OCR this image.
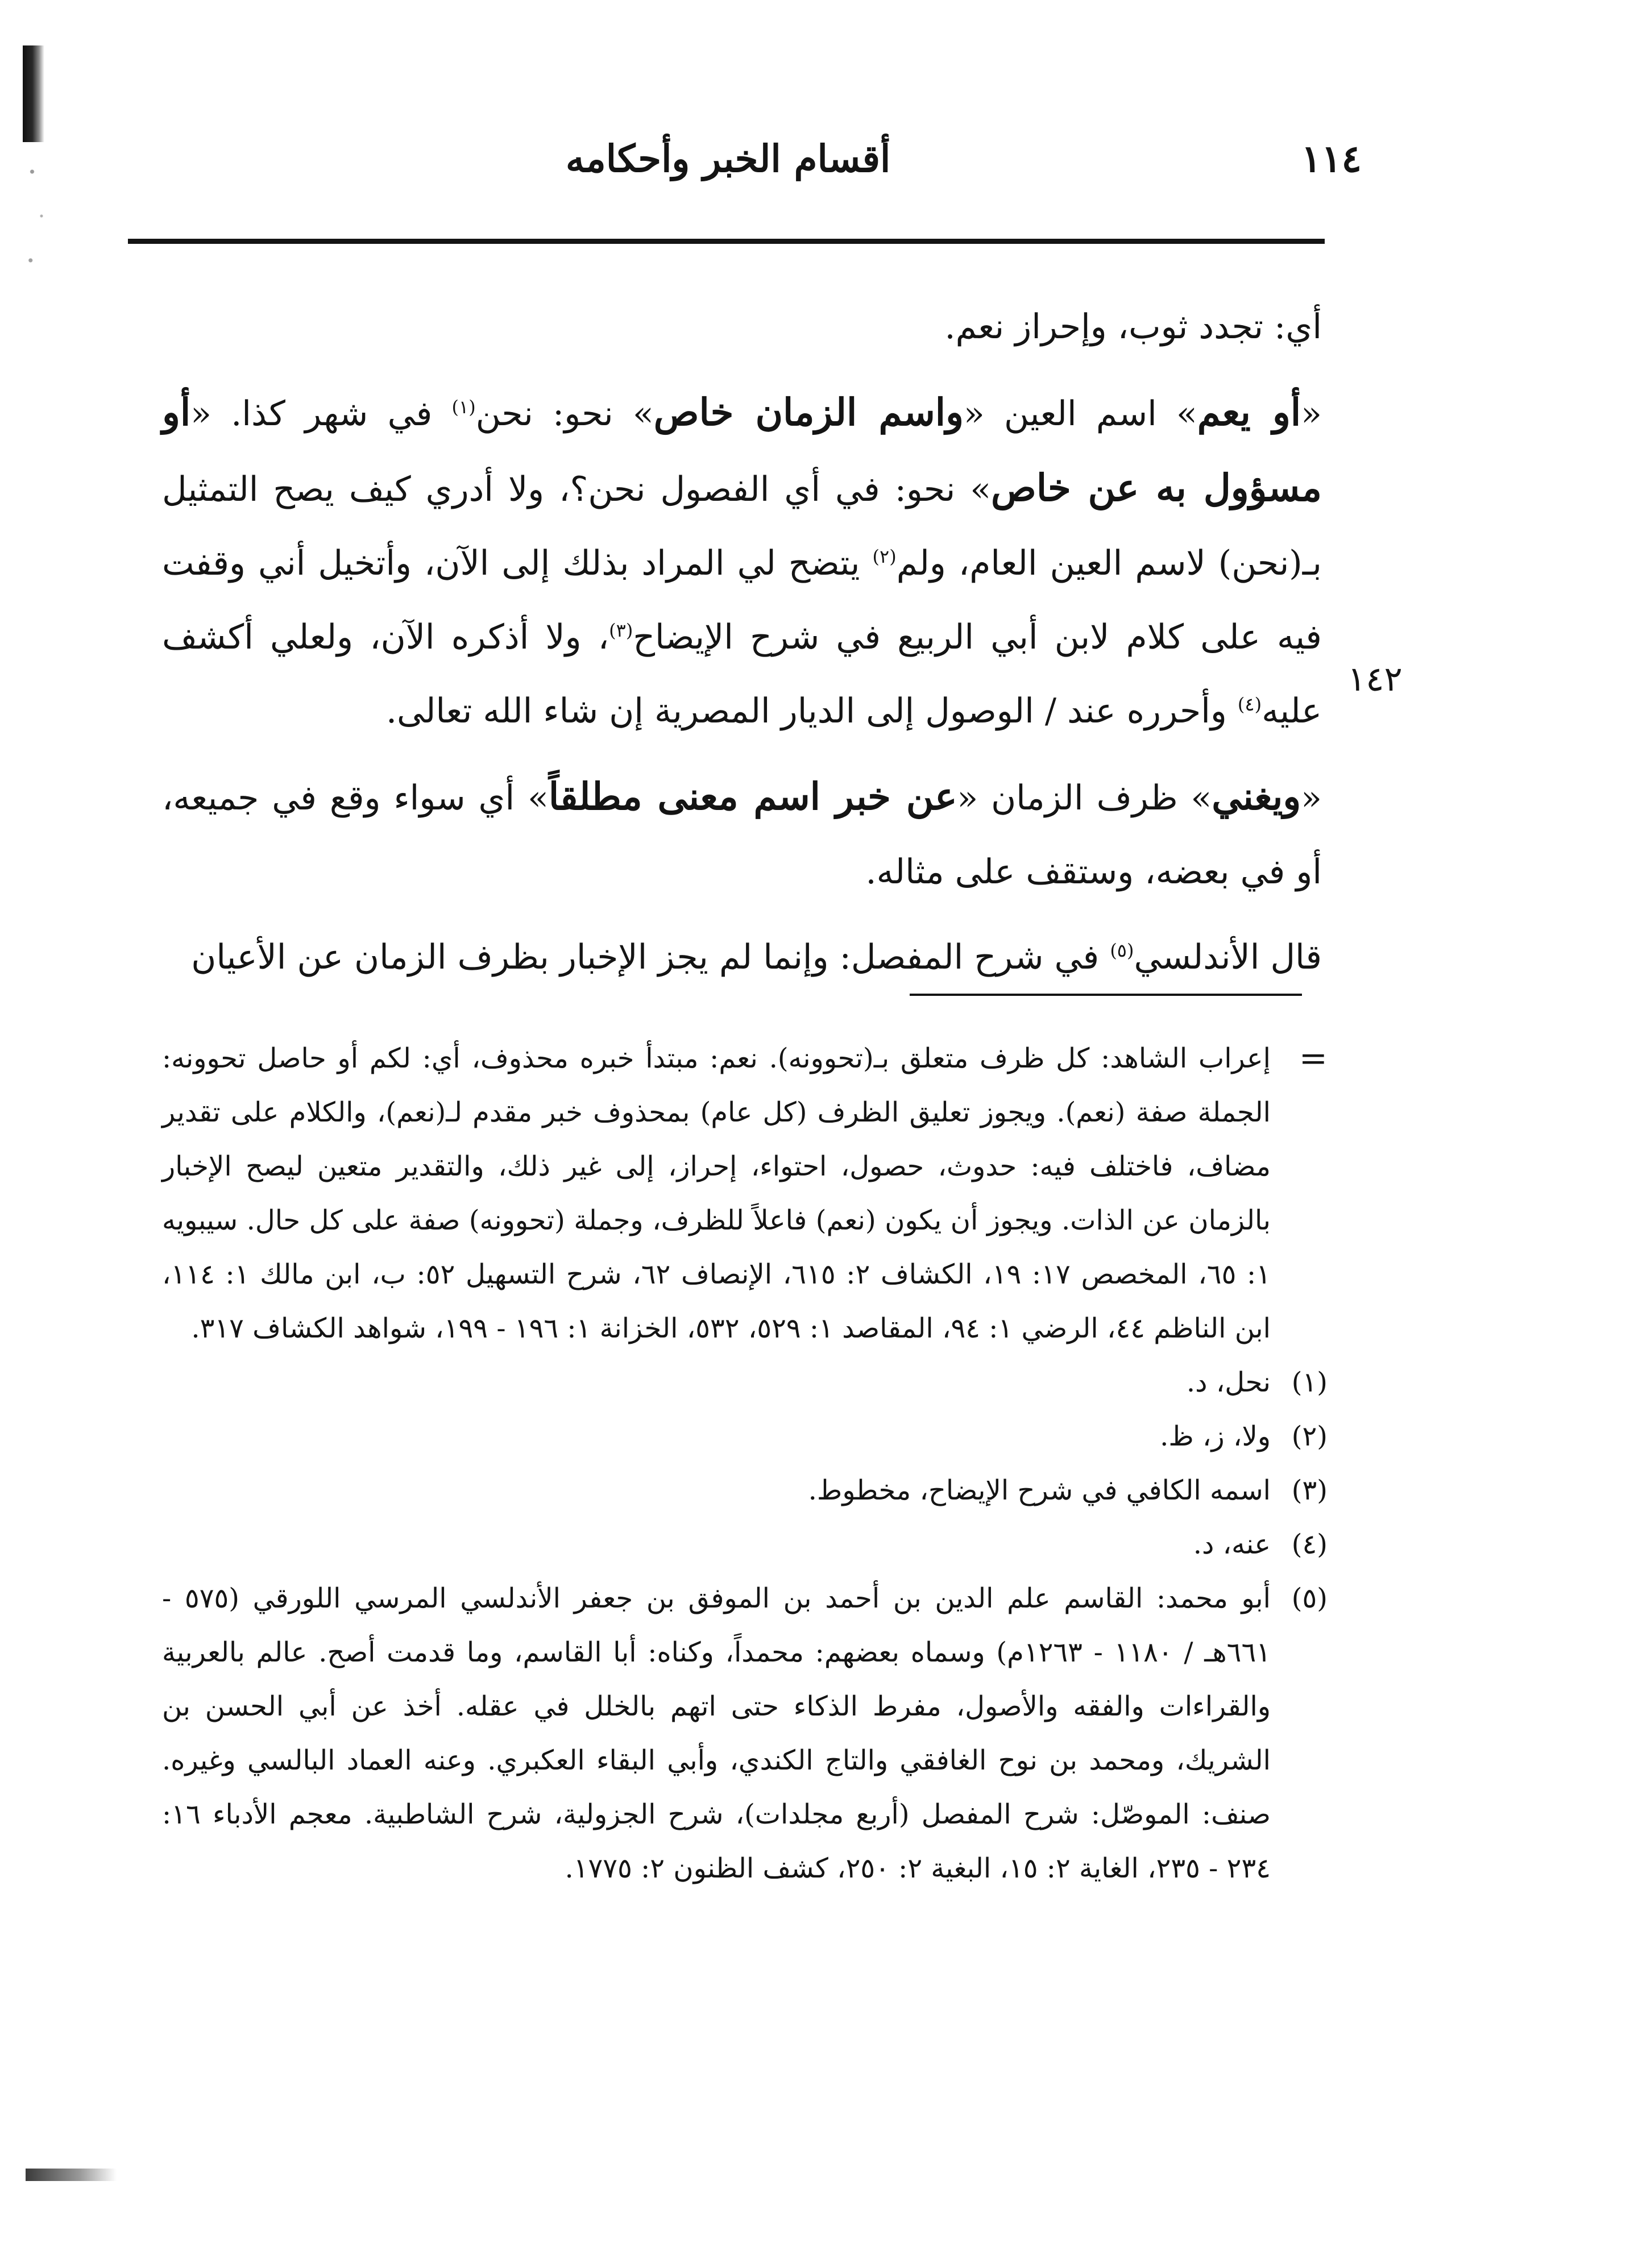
١١٤
أقسام الخبر وأحكامه

أي: تجدد ثوب، وإحراز نعم.

«أو يعم» اسم العين «واسم الزمان خاص» نحو: نحن$^{(١)}$ في شهر كذا. «أو مسؤول به عن خاص» نحو: في أي الفصول نحن؟، ولا أدري كيف يصح التمثيل بـ(نحن) لاسم العين العام، ولم$^{(٢)}$ يتضح لي المراد بذلك إلى الآن، وأتخيل أني وقفت فيه على كلام لابن أبي الربيع في شرح الإيضاح$^{(٣)}$، ولا أذكره الآن، ولعلي أكشف عليه$^{(٤)}$ وأحرره عند / الوصول إلى الديار المصرية إن شاء الله تعالى.

«ويغني» ظرف الزمان «عن خبر اسم معنى مطلقاً» أي سواء وقع في جميعه، أو في بعضه، وستقف على مثاله.

قال الأندلسي$^{(٥)}$ في شرح المفصل: وإنما لم يجز الإخبار بظرف الزمان عن الأعيان

١٤٢

=
إعراب الشاهد: كل ظرف متعلق بـ(تحوونه). نعم: مبتدأ خبره محذوف، أي: لكم أو حاصل تحوونه: الجملة صفة (نعم). ويجوز تعليق الظرف (كل عام) بمحذوف خبر مقدم لـ(نعم)، والكلام على تقدير مضاف، فاختلف فيه: حدوث، حصول، احتواء، إحراز، إلى غير ذلك، والتقدير متعين ليصح الإخبار بالزمان عن الذات. ويجوز أن يكون (نعم) فاعلاً للظرف، وجملة (تحوونه) صفة على كل حال. سيبويه ١: ٦٥، المخصص ١٧: ١٩، الكشاف ٢: ٦١٥، الإنصاف ٦٢، شرح التسهيل ٥٢: ب، ابن مالك ١: ١١٤، ابن الناظم ٤٤، الرضي ١: ٩٤، المقاصد ١: ٥٢٩، ٥٣٢، الخزانة ١: ١٩٦ - ١٩٩، شواهد الكشاف ٣١٧.

(١)
نحل، د.

(٢)
ولا، ز، ظ.

(٣)
اسمه الكافي في شرح الإيضاح، مخطوط.

(٤)
عنه، د.

(٥)
أبو محمد: القاسم علم الدين بن أحمد بن الموفق بن جعفر الأندلسي المرسي اللورقي (٥٧٥ - ٦٦١هـ / ١١٨٠ - ١٢٦٣م) وسماه بعضهم: محمداً، وكناه: أبا القاسم، وما قدمت أصح. عالم بالعربية والقراءات والفقه والأصول، مفرط الذكاء حتى اتهم بالخلل في عقله. أخذ عن أبي الحسن بن الشريك، ومحمد بن نوح الغافقي والتاج الكندي، وأبي البقاء العكبري. وعنه العماد البالسي وغيره. صنف: الموصّل: شرح المفصل (أربع مجلدات)، شرح الجزولية، شرح الشاطبية. معجم الأدباء ١٦: ٢٣٤ - ٢٣٥، الغاية ٢: ١٥، البغية ٢: ٢٥٠، كشف الظنون ٢: ١٧٧٥.
